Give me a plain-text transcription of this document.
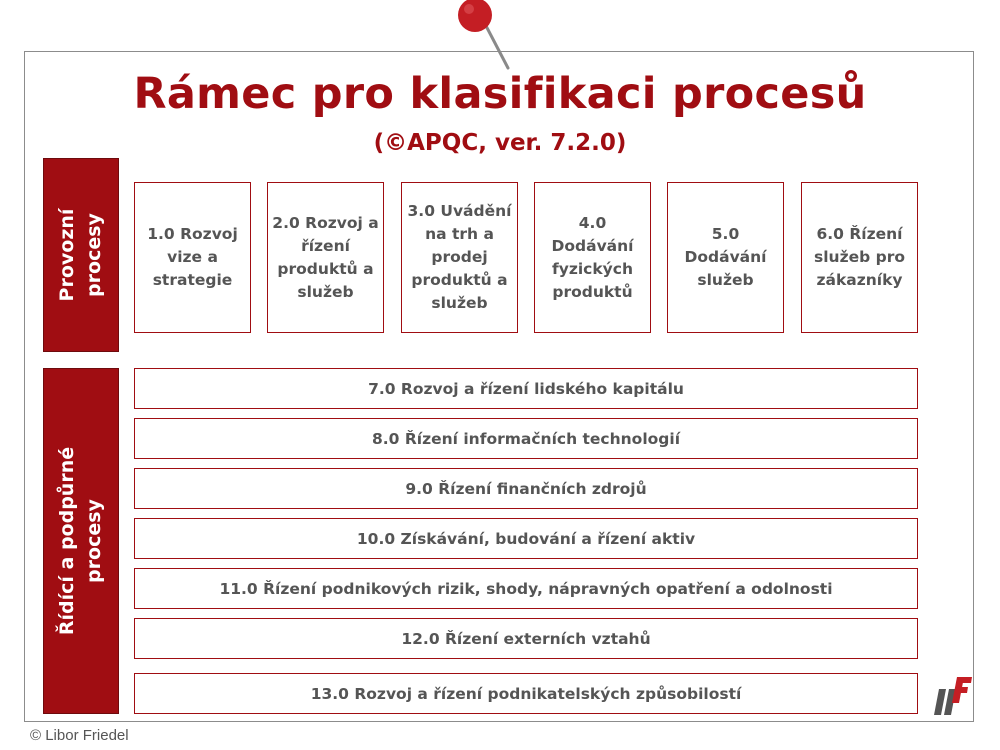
Rámec pro klasifikaci procesů
(©APQC, ver. 7.2.0)
Provozní procesy
Řídící a podpůrné procesy
1.0 Rozvoj vize a strategie
2.0 Rozvoj a řízení produktů a služeb
3.0 Uvádění na trh a prodej produktů a služeb
4.0 Dodávání fyzických produktů
5.0 Dodávání služeb
6.0 Řízení služeb pro zákazníky
7.0 Rozvoj a řízení lidského kapitálu
8.0 Řízení informačních technologií
9.0 Řízení finančních zdrojů
10.0 Získávání, budování a řízení aktiv
11.0 Řízení podnikových rizik, shody, nápravných opatření a odolnosti
12.0 Řízení externích vztahů
13.0 Rozvoj a řízení podnikatelských způsobilostí
© Libor Friedel
